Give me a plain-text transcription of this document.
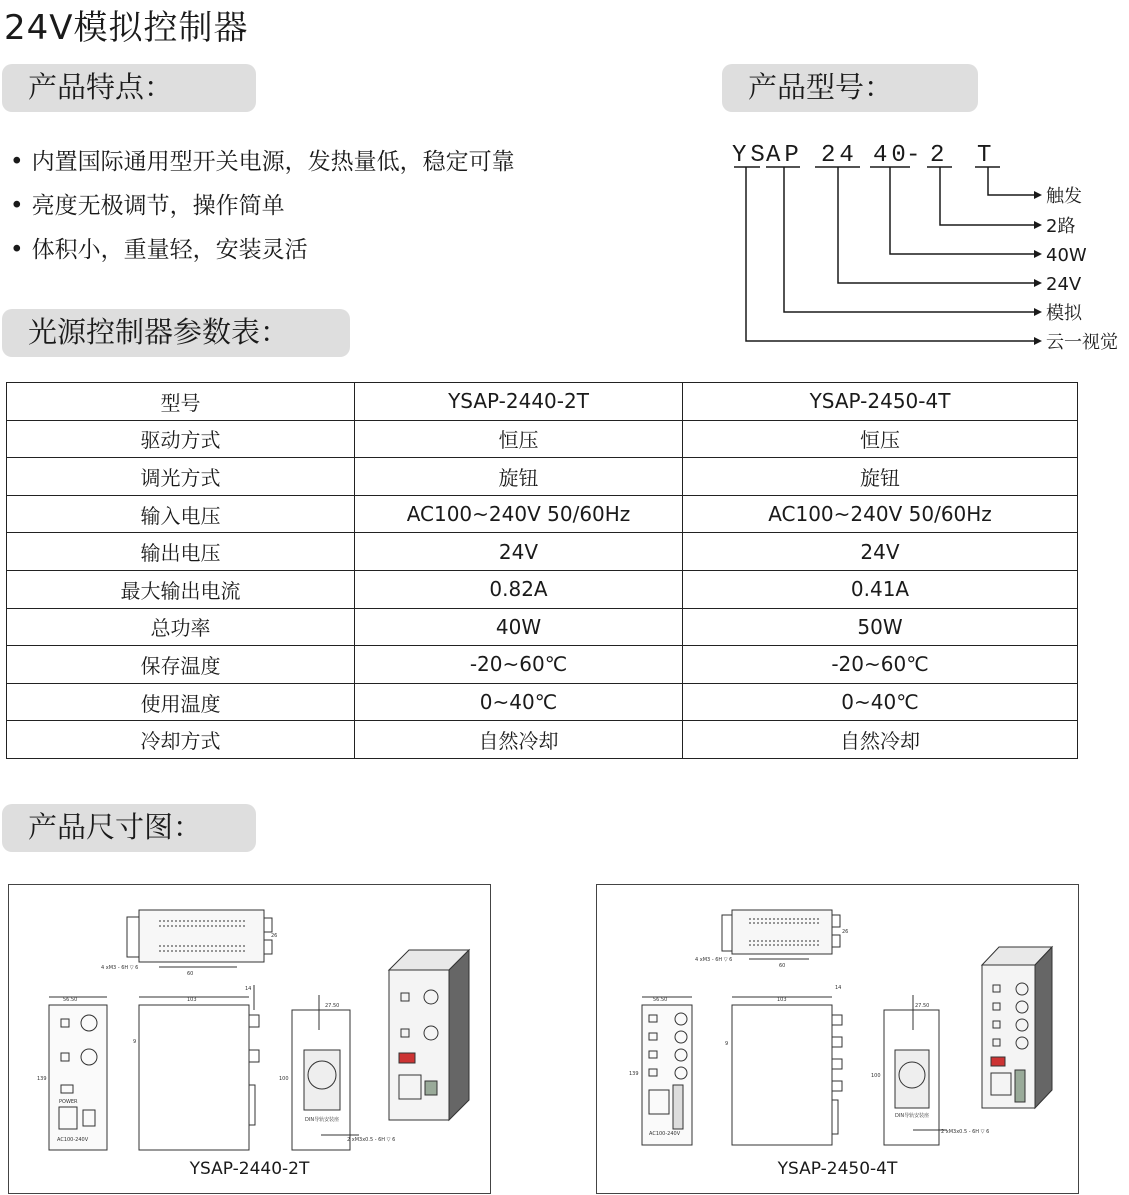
24V模拟控制器
产品特点：	产品型号：
• 内置国际通用型开关电源，发热量低，稳定可靠
• 亮度无极调节，操作简单
• 体积小，重量轻，安装灵活
YS
AP 24 40
- 2 T
触发
2路
40W
24V
模拟
云一视觉
光源控制器参数表：
型号	YSAP-2440-2T	YSAP-2450-4T
驱动方式	恒压	恒压
调光方式	旋钮	旋钮
输入电压	AC100~240V 50/60Hz	AC100~240V 50/60Hz
输出电压	24V	24V
最大输出电流	0.82A	0.41A
总功率	40W	50W
保存温度	-20~60℃	-20~60℃
使用温度	0~40℃	0~40℃
冷却方式	自然冷却	自然冷却
产品尺寸图：
4 xM3 - 6H ▽ 6
60
26
56.50
139
103
14
9
27.50
100
DIN导轨安装座
2 xM3x0.5 - 6H ▽ 6
POWER
AC100-240V
YSAP-2440-2T
4 xM3 - 6H ▽ 6
60
26
56.50
139
103
14
9
27.50
100
DIN导轨安装座
2 xM3x0.5 - 6H ▽ 6
AC100-240V
YSAP-2450-4T
